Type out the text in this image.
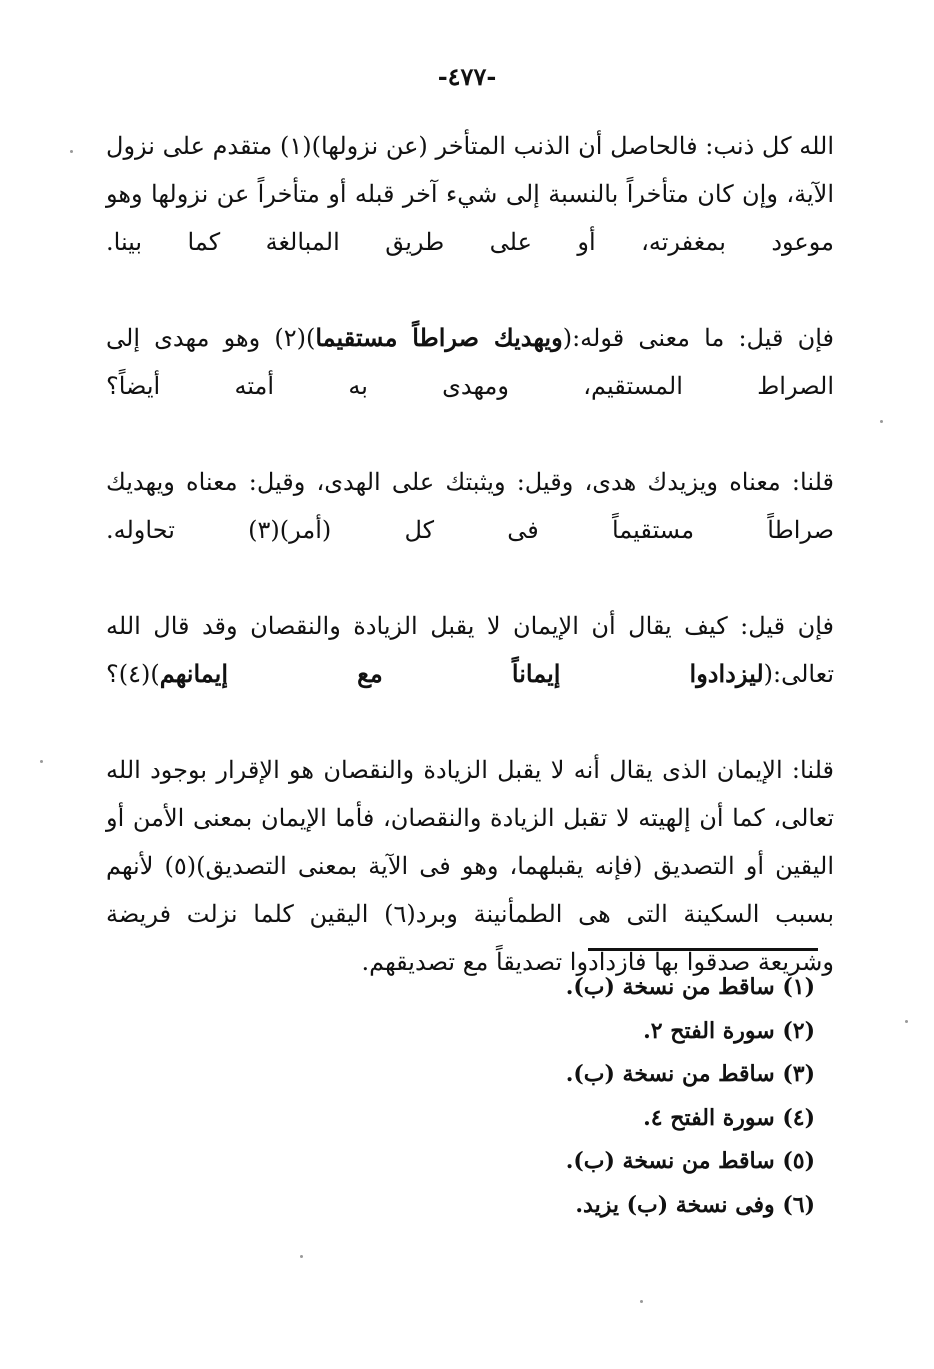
-٤٧٧-

الله كل ذنب: فالحاصل أن الذنب المتأخر (عن نزولها)(١) متقدم على نزول الآية، وإن كان متأخراً بالنسبة إلى شيء آخر قبله أو متأخراً عن نزولها وهو موعود بمغفرته، أو على طريق المبالغة كما بينا.

فإن قيل: ما معنى قوله:(ويهديك صراطاً مستقيما)(٢) وهو مهدى إلى الصراط المستقيم، ومهدى به أمته أيضاً؟

قلنا: معناه ويزيدك هدى، وقيل: ويثبتك على الهدى، وقيل: معناه ويهديك صراطاً مستقيماً فى كل (أمر)(٣) تحاوله.

فإن قيل: كيف يقال أن الإيمان لا يقبل الزيادة والنقصان وقد قال الله تعالى:(ليزدادوا إيماناً مع إيمانهم)(٤)؟

قلنا: الإيمان الذى يقال أنه لا يقبل الزيادة والنقصان هو الإقرار بوجود الله تعالى، كما أن إلهيته لا تقبل الزيادة والنقصان، فأما الإيمان بمعنى الأمن أو اليقين أو التصديق (فإنه يقبلهما، وهو فى الآية بمعنى التصديق)(٥) لأنهم بسبب السكينة التى هى الطمأنينة وبرد(٦) اليقين كلما نزلت فريضة وشريعة صدقوا بها فازدادوا تصديقاً مع تصديقهم.

(١) ساقط من نسخة (ب).
(٢) سورة الفتح ٢.
(٣) ساقط من نسخة (ب).
(٤) سورة الفتح ٤.
(٥) ساقط من نسخة (ب).
(٦) وفى نسخة (ب) يزيد.
